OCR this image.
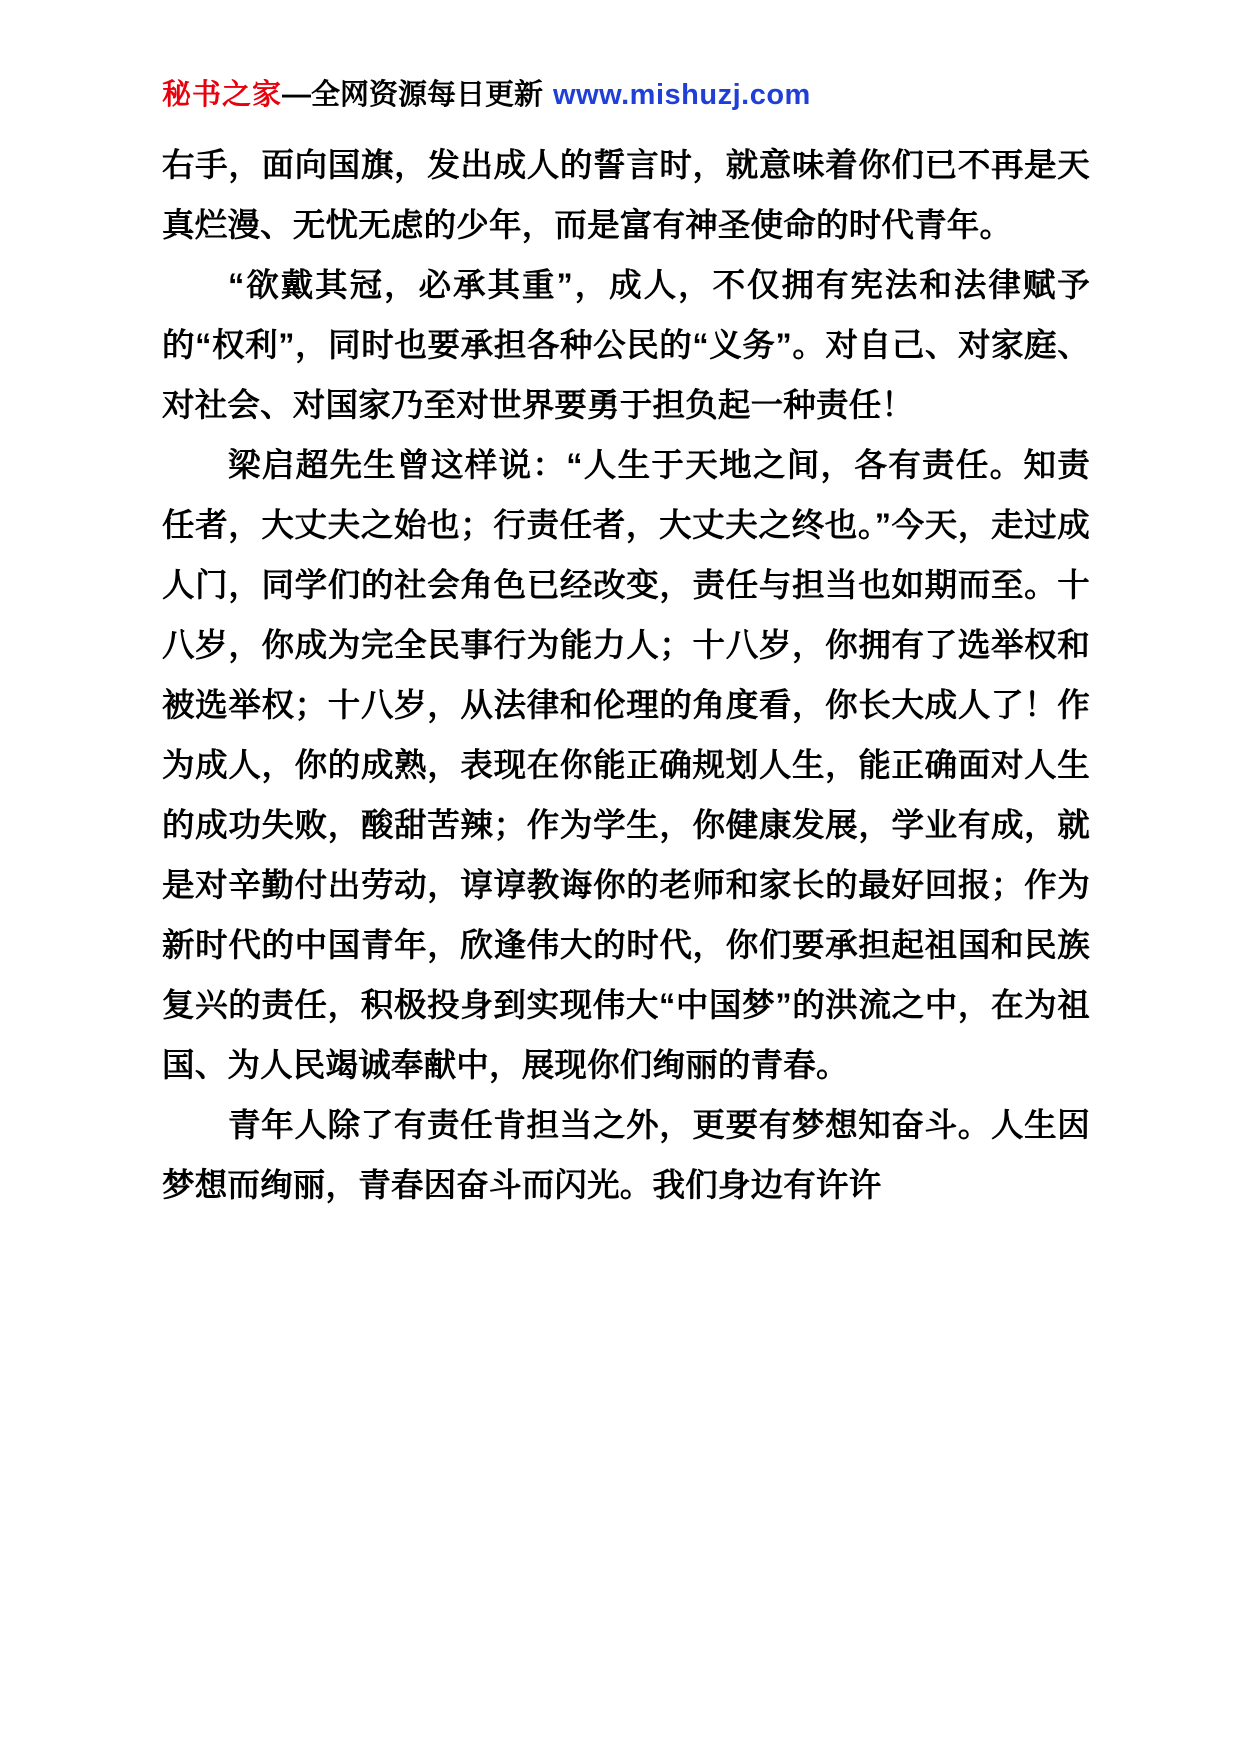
秘书之家—全网资源每日更新 www.mishuzj.com

右手，面向国旗，发出成人的誓言时，就意味着你们已不再是天真烂漫、无忧无虑的少年，而是富有神圣使命的时代青年。

“欲戴其冠，必承其重”，成人，不仅拥有宪法和法律赋予的“权利”，同时也要承担各种公民的“义务”。对自己、对家庭、对社会、对国家乃至对世界要勇于担负起一种责任！

梁启超先生曾这样说：“人生于天地之间，各有责任。知责任者，大丈夫之始也；行责任者，大丈夫之终也。”今天，走过成人门，同学们的社会角色已经改变，责任与担当也如期而至。十八岁，你成为完全民事行为能力人；十八岁，你拥有了选举权和被选举权；十八岁，从法律和伦理的角度看，你长大成人了！作为成人，你的成熟，表现在你能正确规划人生，能正确面对人生的成功失败，酸甜苦辣；作为学生，你健康发展，学业有成，就是对辛勤付出劳动，谆谆教诲你的老师和家长的最好回报；作为新时代的中国青年，欣逢伟大的时代，你们要承担起祖国和民族复兴的责任，积极投身到实现伟大“中国梦”的洪流之中，在为祖国、为人民竭诚奉献中，展现你们绚丽的青春。

青年人除了有责任肯担当之外，更要有梦想知奋斗。人生因梦想而绚丽，青春因奋斗而闪光。我们身边有许许
